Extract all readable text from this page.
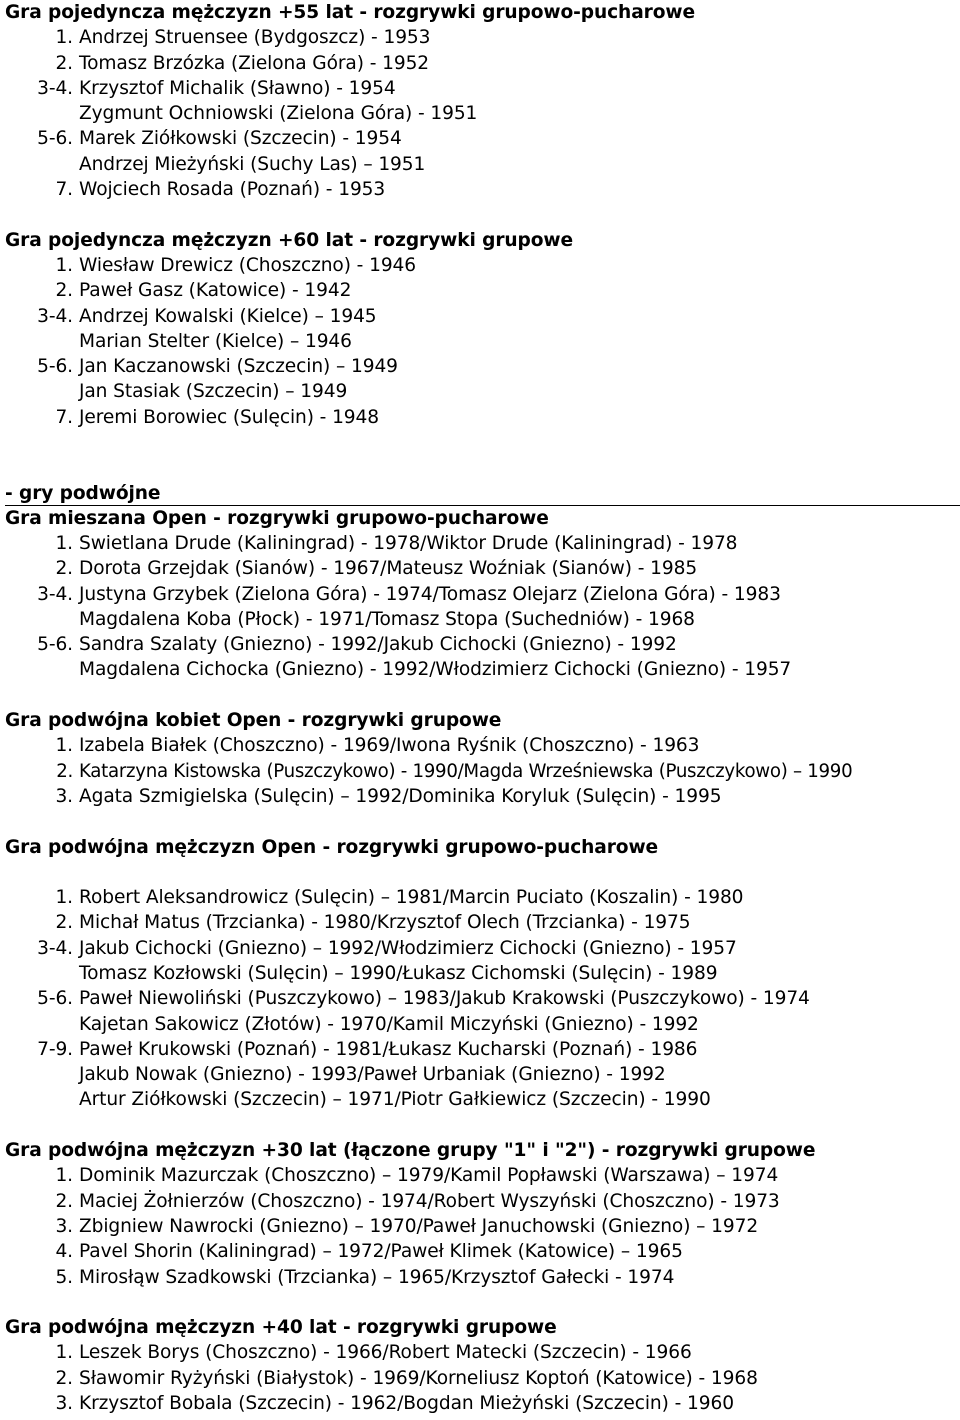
Gra pojedyncza mężczyzn +55 lat - rozgrywki grupowo-pucharowe
1. Andrzej Struensee (Bydgoszcz) - 1953
2. Tomasz Brzózka (Zielona Góra) - 1952
3-4. Krzysztof Michalik (Sławno) - 1954
Zygmunt Ochniowski (Zielona Góra) - 1951
5-6. Marek Ziółkowski (Szczecin) - 1954
Andrzej Mieżyński (Suchy Las) – 1951
7. Wojciech Rosada (Poznań) - 1953
Gra pojedyncza mężczyzn +60 lat - rozgrywki grupowe
1. Wiesław Drewicz (Choszczno) - 1946
2. Paweł Gasz (Katowice) - 1942
3-4. Andrzej Kowalski (Kielce) – 1945
Marian Stelter (Kielce) – 1946
5-6. Jan Kaczanowski (Szczecin) – 1949
Jan Stasiak (Szczecin) – 1949
7. Jeremi Borowiec (Sulęcin) - 1948
- gry podwójne
Gra mieszana Open - rozgrywki grupowo-pucharowe
1. Swietlana Drude (Kaliningrad) - 1978/Wiktor Drude (Kaliningrad) - 1978
2. Dorota Grzejdak (Sianów) - 1967/Mateusz Woźniak (Sianów) - 1985
3-4. Justyna Grzybek (Zielona Góra) - 1974/Tomasz Olejarz (Zielona Góra) - 1983
Magdalena Koba (Płock) - 1971/Tomasz Stopa (Suchedniów) - 1968
5-6. Sandra Szalaty (Gniezno) - 1992/Jakub Cichocki (Gniezno) - 1992
Magdalena Cichocka (Gniezno) - 1992/Włodzimierz Cichocki (Gniezno) - 1957
Gra podwójna kobiet Open - rozgrywki grupowe
1. Izabela Białek (Choszczno) - 1969/Iwona Ryśnik (Choszczno) - 1963
2. Katarzyna Kistowska (Puszczykowo) - 1990/Magda Wrześniewska (Puszczykowo) – 1990
3. Agata Szmigielska (Sulęcin) – 1992/Dominika Koryluk (Sulęcin) - 1995
Gra podwójna mężczyzn Open - rozgrywki grupowo-pucharowe
1. Robert Aleksandrowicz (Sulęcin) – 1981/Marcin Puciato (Koszalin) - 1980
2. Michał Matus (Trzcianka) - 1980/Krzysztof Olech (Trzcianka) - 1975
3-4. Jakub Cichocki (Gniezno) – 1992/Włodzimierz Cichocki (Gniezno) - 1957
Tomasz Kozłowski (Sulęcin) – 1990/Łukasz Cichomski (Sulęcin) - 1989
5-6. Paweł Niewoliński (Puszczykowo) – 1983/Jakub Krakowski (Puszczykowo) - 1974
Kajetan Sakowicz (Złotów) - 1970/Kamil Miczyński (Gniezno) - 1992
7-9. Paweł Krukowski (Poznań) - 1981/Łukasz Kucharski (Poznań) - 1986
Jakub Nowak (Gniezno) - 1993/Paweł Urbaniak (Gniezno) - 1992
Artur Ziółkowski (Szczecin) – 1971/Piotr Gałkiewicz (Szczecin) - 1990
Gra podwójna mężczyzn +30 lat (łączone grupy "1" i "2") - rozgrywki grupowe
1. Dominik Mazurczak (Choszczno) – 1979/Kamil Popławski (Warszawa) – 1974
2. Maciej Żołnierzów (Choszczno) - 1974/Robert Wyszyński (Choszczno) - 1973
3. Zbigniew Nawrocki (Gniezno) – 1970/Paweł Januchowski (Gniezno) – 1972
4. Pavel Shorin (Kaliningrad) – 1972/Paweł Klimek (Katowice) – 1965
5. Mirosłąw Szadkowski (Trzcianka) – 1965/Krzysztof Gałecki - 1974
Gra podwójna mężczyzn +40 lat - rozgrywki grupowe
1. Leszek Borys (Choszczno) - 1966/Robert Matecki (Szczecin) - 1966
2. Sławomir Ryżyński (Białystok) - 1969/Korneliusz Koptoń (Katowice) - 1968
3. Krzysztof Bobala (Szczecin) - 1962/Bogdan Mieżyński (Szczecin) - 1960
